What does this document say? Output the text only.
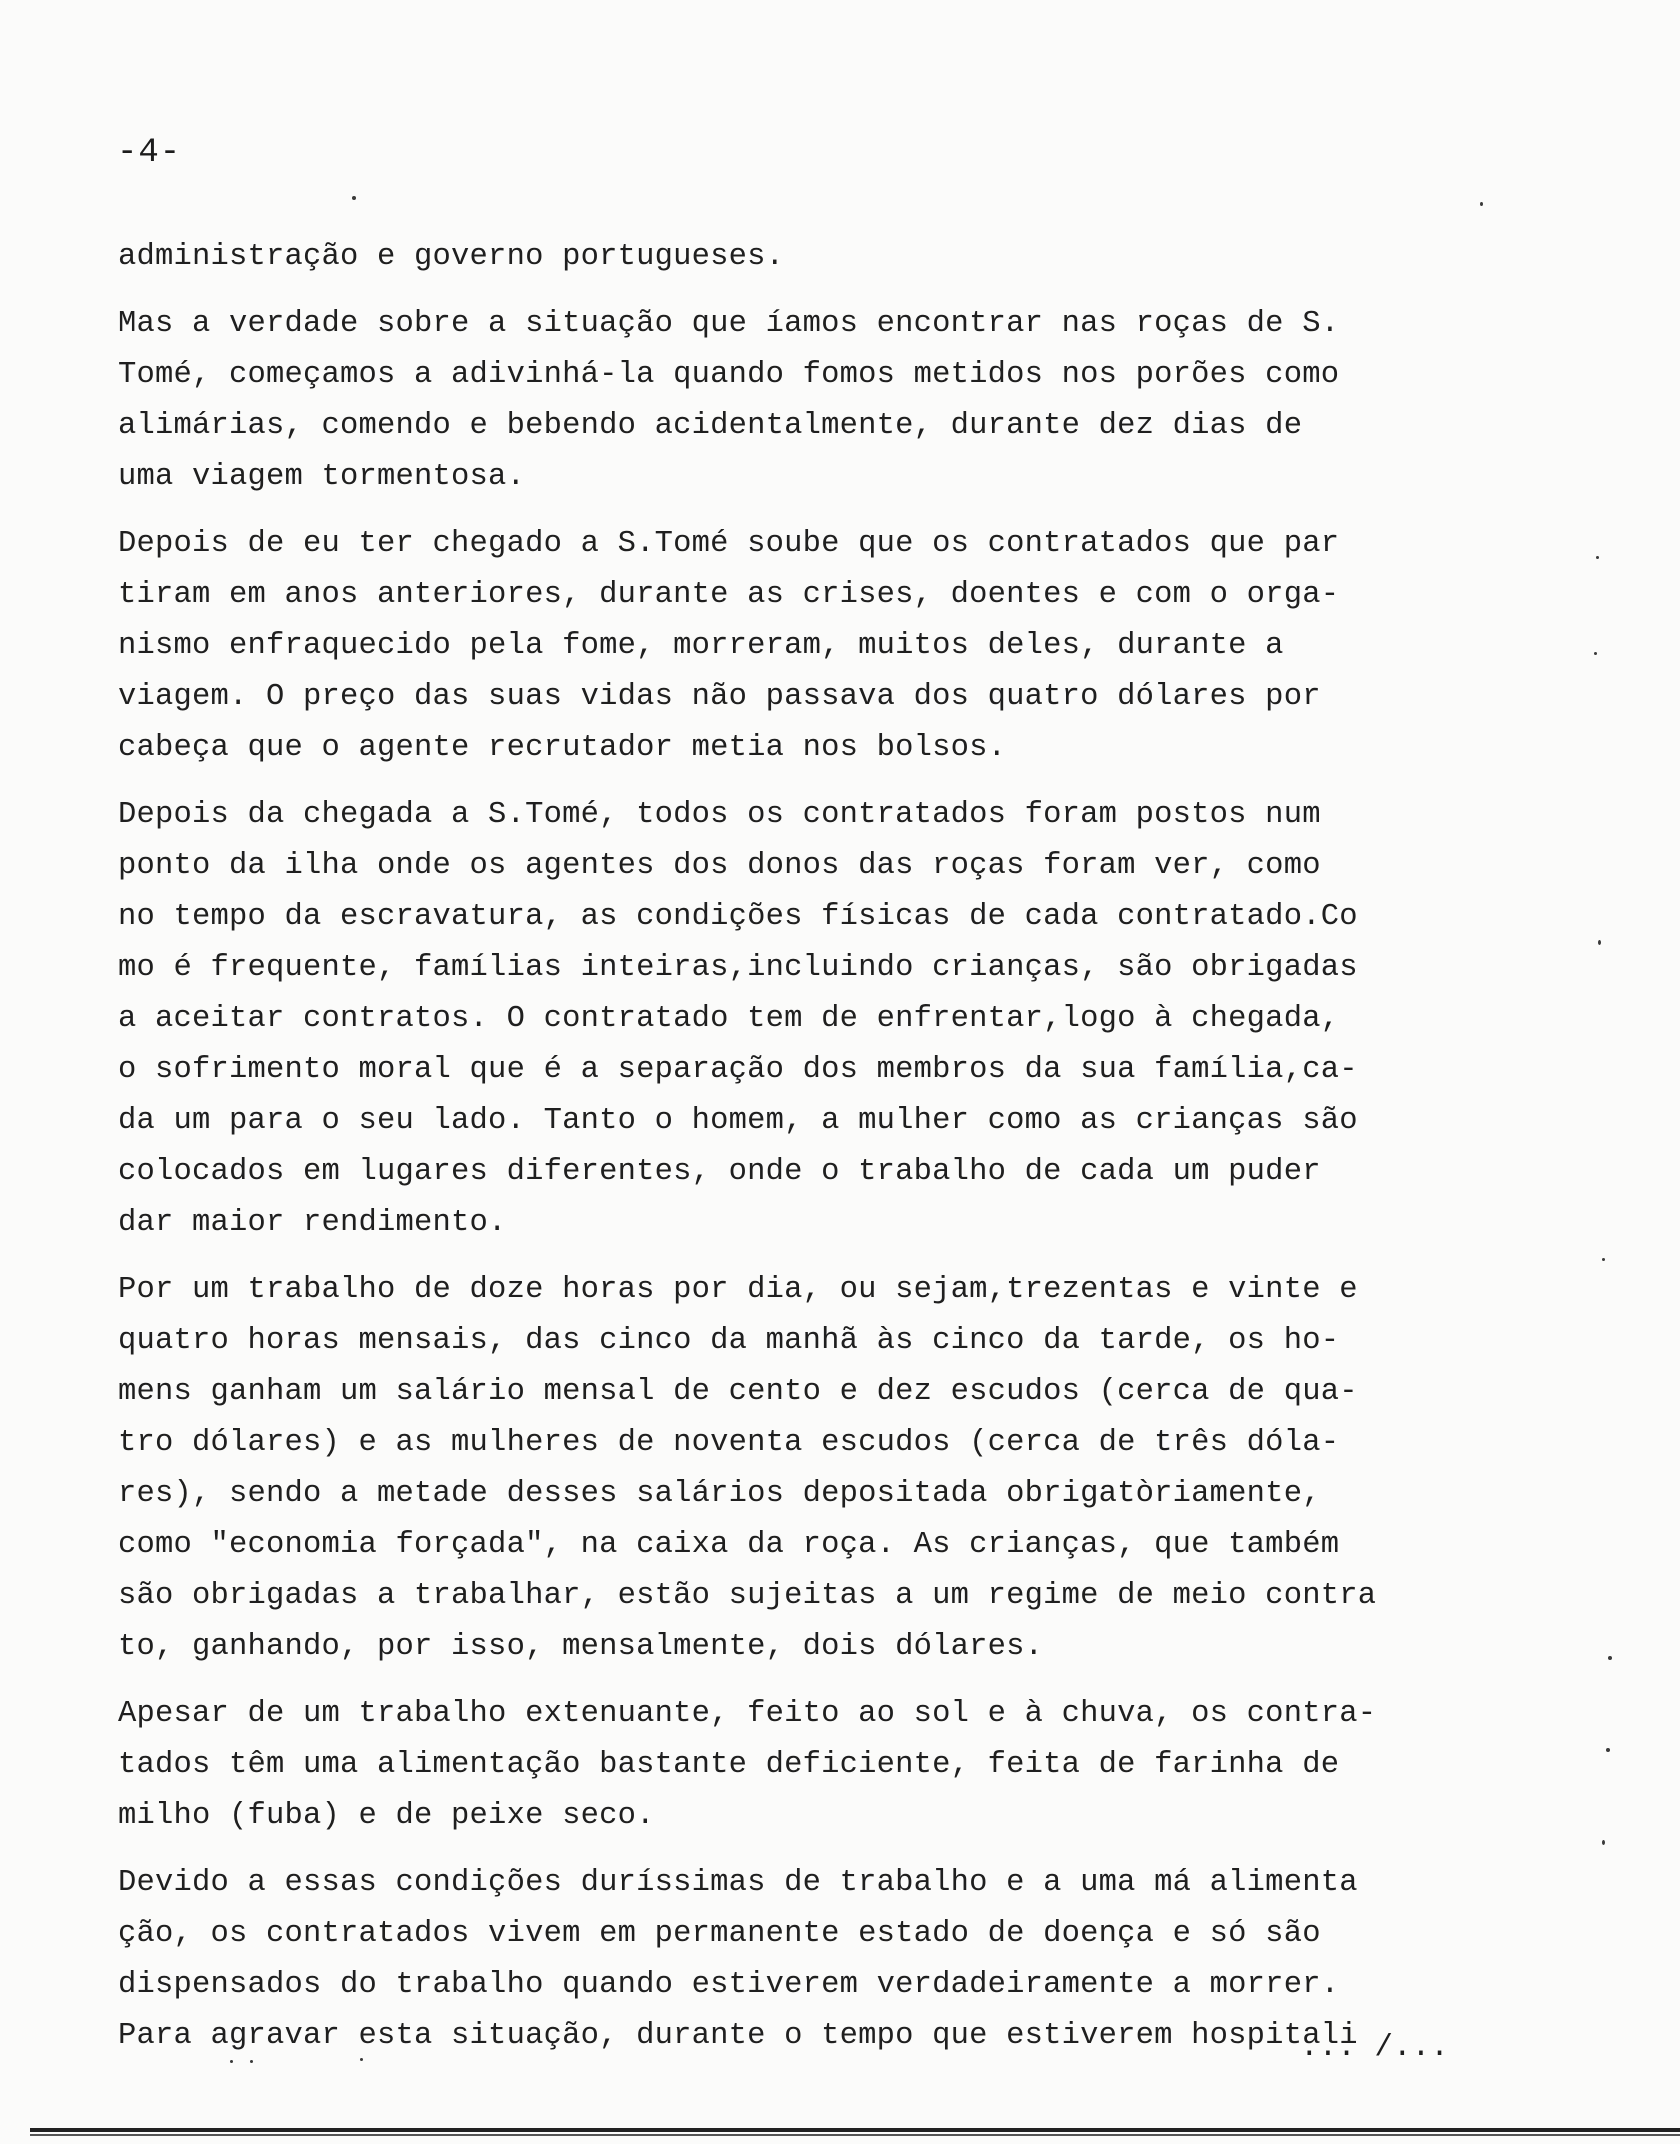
-4-
administração e governo portugueses.
Mas a verdade sobre a situação que íamos encontrar nas roças de S.
Tomé, começamos a adivinhá-la quando fomos metidos nos porões como
alimárias, comendo e bebendo acidentalmente, durante dez dias de
uma viagem tormentosa.
Depois de eu ter chegado a S.Tomé soube que os contratados que par
tiram em anos anteriores, durante as crises, doentes e com o orga-
nismo enfraquecido pela fome, morreram, muitos deles, durante a
viagem. O preço das suas vidas não passava dos quatro dólares por
cabeça que o agente recrutador metia nos bolsos.
Depois da chegada a S.Tomé, todos os contratados foram postos num
ponto da ilha onde os agentes dos donos das roças foram ver, como
no tempo da escravatura, as condições físicas de cada contratado.Co
mo é frequente, famílias inteiras,incluindo crianças, são obrigadas
a aceitar contratos. O contratado tem de enfrentar,logo à chegada,
o sofrimento moral que é a separação dos membros da sua família,ca-
da um para o seu lado. Tanto o homem, a mulher como as crianças são
colocados em lugares diferentes, onde o trabalho de cada um puder
dar maior rendimento.
Por um trabalho de doze horas por dia, ou sejam,trezentas e vinte e
quatro horas mensais, das cinco da manhã às cinco da tarde, os ho-
mens ganham um salário mensal de cento e dez escudos (cerca de qua-
tro dólares) e as mulheres de noventa escudos (cerca de três dóla-
res), sendo a metade desses salários depositada obrigatòriamente,
como "economia forçada", na caixa da roça. As crianças, que também
são obrigadas a trabalhar, estão sujeitas a um regime de meio contra
to, ganhando, por isso, mensalmente, dois dólares.
Apesar de um trabalho extenuante, feito ao sol e à chuva, os contra-
tados têm uma alimentação bastante deficiente, feita de farinha de
milho (fuba) e de peixe seco.
Devido a essas condições duríssimas de trabalho e a uma má alimenta
ção, os contratados vivem em permanente estado de doença e só são
dispensados do trabalho quando estiverem verdadeiramente a morrer.
Para agravar esta situação, durante o tempo que estiverem hospitali
... /...
